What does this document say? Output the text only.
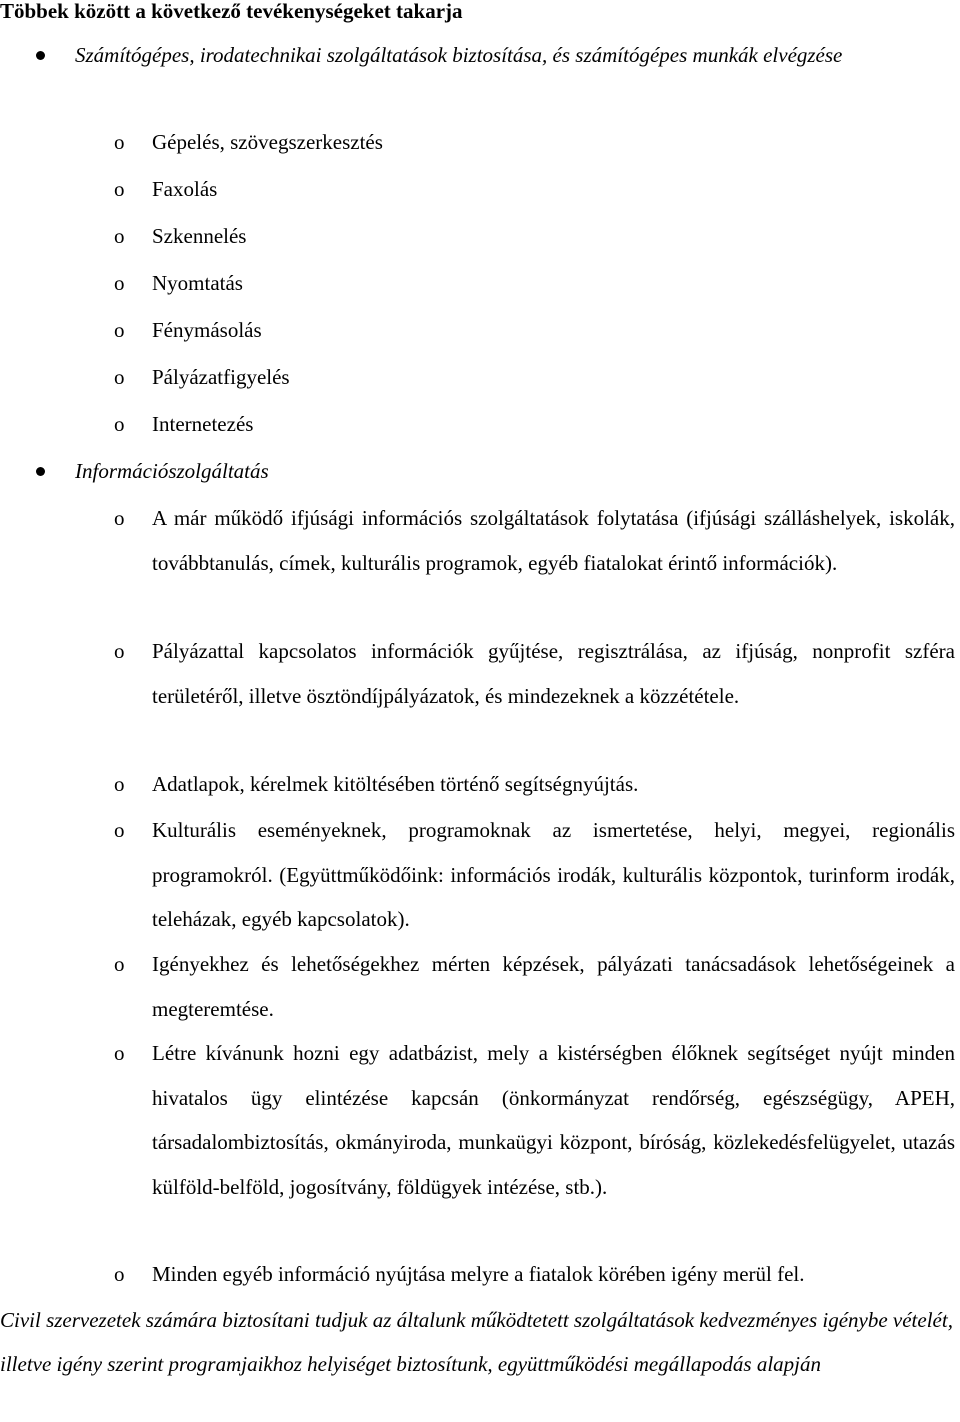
Többek között a következő tevékenységeket takarja
Számítógépes, irodatechnikai szolgáltatások biztosítása, és számítógépes munkák elvégzése
o Gépelés, szövegszerkesztés
o Faxolás
o Szkennelés
o Nyomtatás
o Fénymásolás
o Pályázatfigyelés
o Internetezés
Információszolgáltatás
o A már működő ifjúsági információs szolgáltatások folytatása (ifjúsági szálláshelyek, iskolák, továbbtanulás, címek, kulturális programok, egyéb fiatalokat érintő információk).
o Pályázattal kapcsolatos információk gyűjtése, regisztrálása, az ifjúság, nonprofit szféra területéről, illetve ösztöndíjpályázatok, és mindezeknek a közzététele.
o Adatlapok, kérelmek kitöltésében történő segítségnyújtás.
o Kulturális eseményeknek, programoknak az ismertetése, helyi, megyei, regionális programokról. (Együttműködőink: információs irodák, kulturális központok, turinform irodák, teleházak, egyéb kapcsolatok).
o Igényekhez és lehetőségekhez mérten képzések, pályázati tanácsadások lehetőségeinek a megteremtése.
o Létre kívánunk hozni egy adatbázist, mely a kistérségben élőknek segítséget nyújt minden hivatalos ügy elintézése kapcsán (önkormányzat rendőrség, egészségügy, APEH, társadalombiztosítás, okmányiroda, munkaügyi központ, bíróság, közlekedésfelügyelet, utazás külföld-belföld, jogosítvány, földügyek intézése, stb.).
o Minden egyéb információ nyújtása melyre a fiatalok körében igény merül fel.
Civil szervezetek számára biztosítani tudjuk az általunk működtetett szolgáltatások kedvezményes igénybe vételét, illetve igény szerint programjaikhoz helyiséget biztosítunk, együttműködési megállapodás alapján
